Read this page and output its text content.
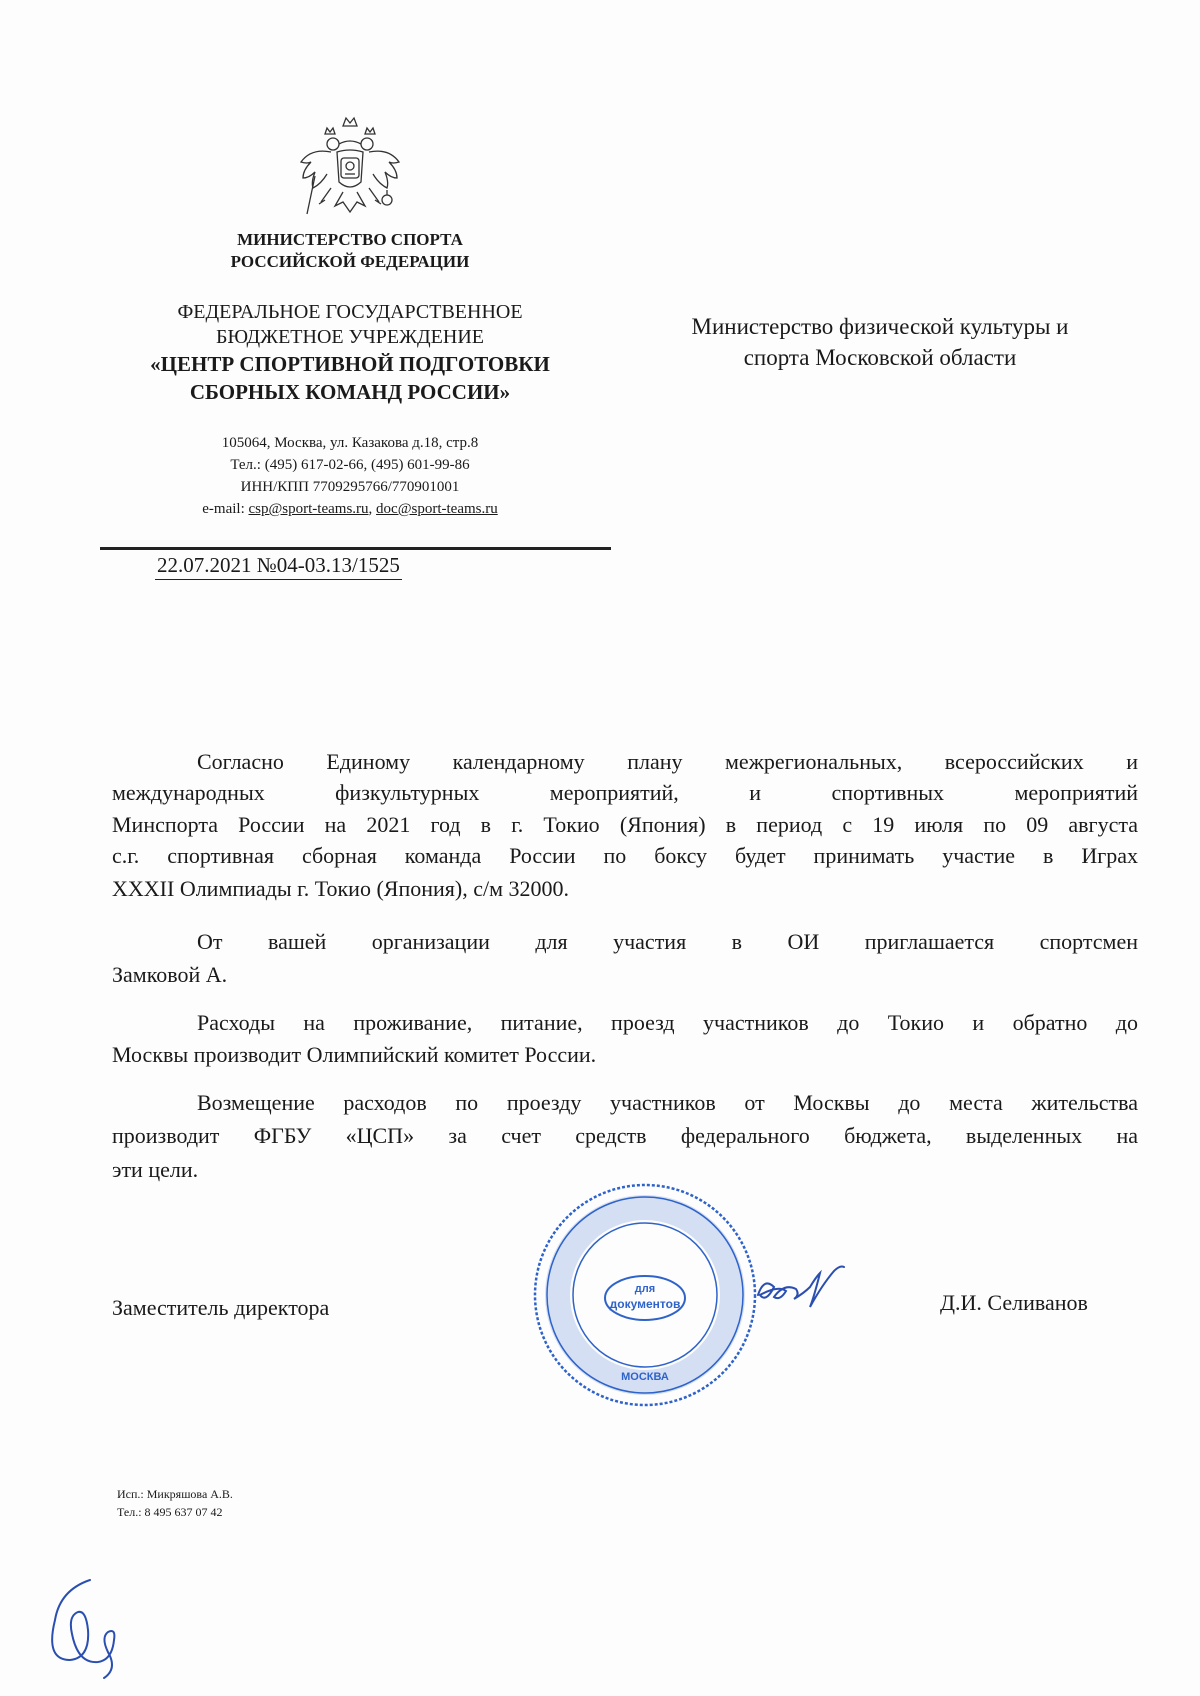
МИНИСТЕРСТВО СПОРТА
РОССИЙСКОЙ ФЕДЕРАЦИИ
ФЕДЕРАЛЬНОЕ ГОСУДАРСТВЕННОЕ
БЮДЖЕТНОЕ УЧРЕЖДЕНИЕ
«ЦЕНТР СПОРТИВНОЙ ПОДГОТОВКИ
СБОРНЫХ КОМАНД РОССИИ»
105064, Москва, ул. Казакова д.18, стр.8
Тел.: (495) 617-02-66, (495) 601-99-86
ИНН/КПП 7709295766/770901001
e-mail: csp@sport-teams.ru, doc@sport-teams.ru
22.07.2021 №04-03.13/1525
Министерство физической культуры и
спорта Московской области
Согласно Единому календарному плану межрегиональных, всероссийских и
международных физкультурных мероприятий, и спортивных мероприятий
Минспорта России на 2021 год в г. Токио (Япония) в период с 19 июля по 09 августа
с.г. спортивная сборная команда России по боксу будет принимать участие в Играх
XXXII Олимпиады г. Токио (Япония), с/м 32000.
От вашей организации для участия в ОИ приглашается спортсмен
Замковой А.
Расходы на проживание, питание, проезд участников до Токио и обратно до
Москвы производит Олимпийский комитет России.
Возмещение расходов по проезду участников от Москвы до места жительства
производит ФГБУ «ЦСП» за счет средств федерального бюджета, выделенных на
эти цели.
Заместитель директора
для
документов
МОСКВА
Д.И. Селиванов
Исп.: Микряшова А.В.
Тел.: 8 495 637 07 42
